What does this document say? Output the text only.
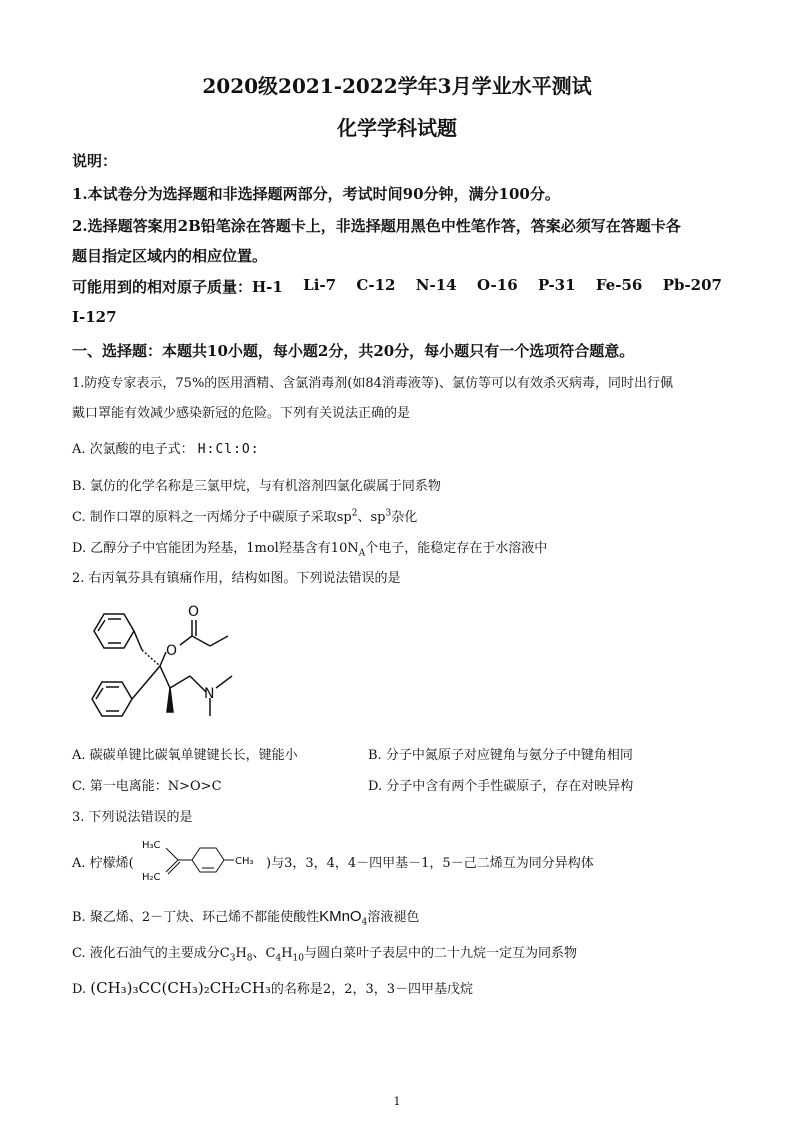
2020级2021-2022学年3月学业水平测试
化学学科试题
说明：
1.本试卷分为选择题和非选择题两部分，考试时间90分钟，满分100分。
2.选择题答案用2B铅笔涂在答题卡上，非选择题用黑色中性笔作答，答案必须写在答题卡各
题目指定区域内的相应位置。
可能用到的相对原子质量：H-1 Li-7 C-12 N-14 O-16 P-31 Fe-56 Pb-207
I-127
一、选择题：本题共10小题，每小题2分，共20分，每小题只有一个选项符合题意。
1.防疫专家表示，75%的医用酒精、含氯消毒剂(如84消毒液等)、氯仿等可以有效杀灭病毒，同时出行佩
戴口罩能有效减少感染新冠的危险。下列有关说法正确的是
A. 次氯酸的电子式： H:Cl:O:
B. 氯仿的化学名称是三氯甲烷，与有机溶剂四氯化碳属于同系物
C. 制作口罩的原料之一丙烯分子中碳原子采取$sp^2$、$sp^3$杂化
D. 乙醇分子中官能团为羟基，1mol羟基含有$10N_A$个电子，能稳定存在于水溶液中
2. 右丙氧芬具有镇痛作用，结构如图。下列说法错误的是
O
O
N
A. 碳碳单键比碳氧单键键长长，键能小	B. 分子中氮原子对应键角与氨分子中键角相同
C. 第一电离能：N>O>C	D. 分子中含有两个手性碳原子，存在对映异构
3. 下列说法错误的是
A. 柠檬烯(
H₃C
H₂C
CH₃ )与3，3，4，4－四甲基－1，5－己二烯互为同分异构体
B. 聚乙烯、2－丁炔、环己烯不都能使酸性KMnO$_4$溶液褪色
C. 液化石油气的主要成分$C_3H_8$、$C_4H_{10}$与圆白菜叶子表层中的二十九烷一定互为同系物
D. (CH₃)₃CC(CH₃)₂CH₂CH₃的名称是2，2，3，3－四甲基戊烷
1
